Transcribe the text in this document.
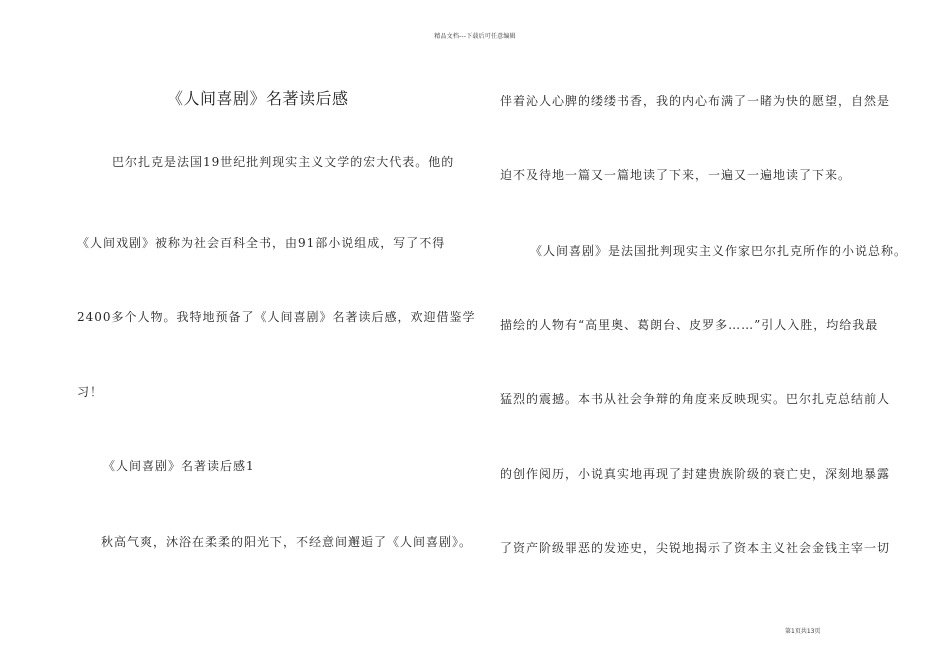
精品文档---下载后可任意编辑
《人间喜剧》名著读后感
巴尔扎克是法国19世纪批判现实主义文学的宏大代表。他的
《人间戏剧》被称为社会百科全书，由91部小说组成，写了不得
2400多个人物。我特地预备了《人间喜剧》名著读后感，欢迎借鉴学
习！
《人间喜剧》名著读后感1
秋高气爽，沐浴在柔柔的阳光下，不经意间邂逅了《人间喜剧》。
伴着沁人心脾的缕缕书香，我的内心布满了一睹为快的愿望，自然是
迫不及待地一篇又一篇地读了下来，一遍又一遍地读了下来。
《人间喜剧》是法国批判现实主义作家巴尔扎克所作的小说总称。
描绘的人物有“高里奥、葛朗台、皮罗多……”引人入胜，均给我最
猛烈的震撼。本书从社会争辩的角度来反映现实。巴尔扎克总结前人
的创作阅历，小说真实地再现了封建贵族阶级的衰亡史，深刻地暴露
了资产阶级罪恶的发迹史，尖锐地揭示了资本主义社会金钱主宰一切
第1页共13页
